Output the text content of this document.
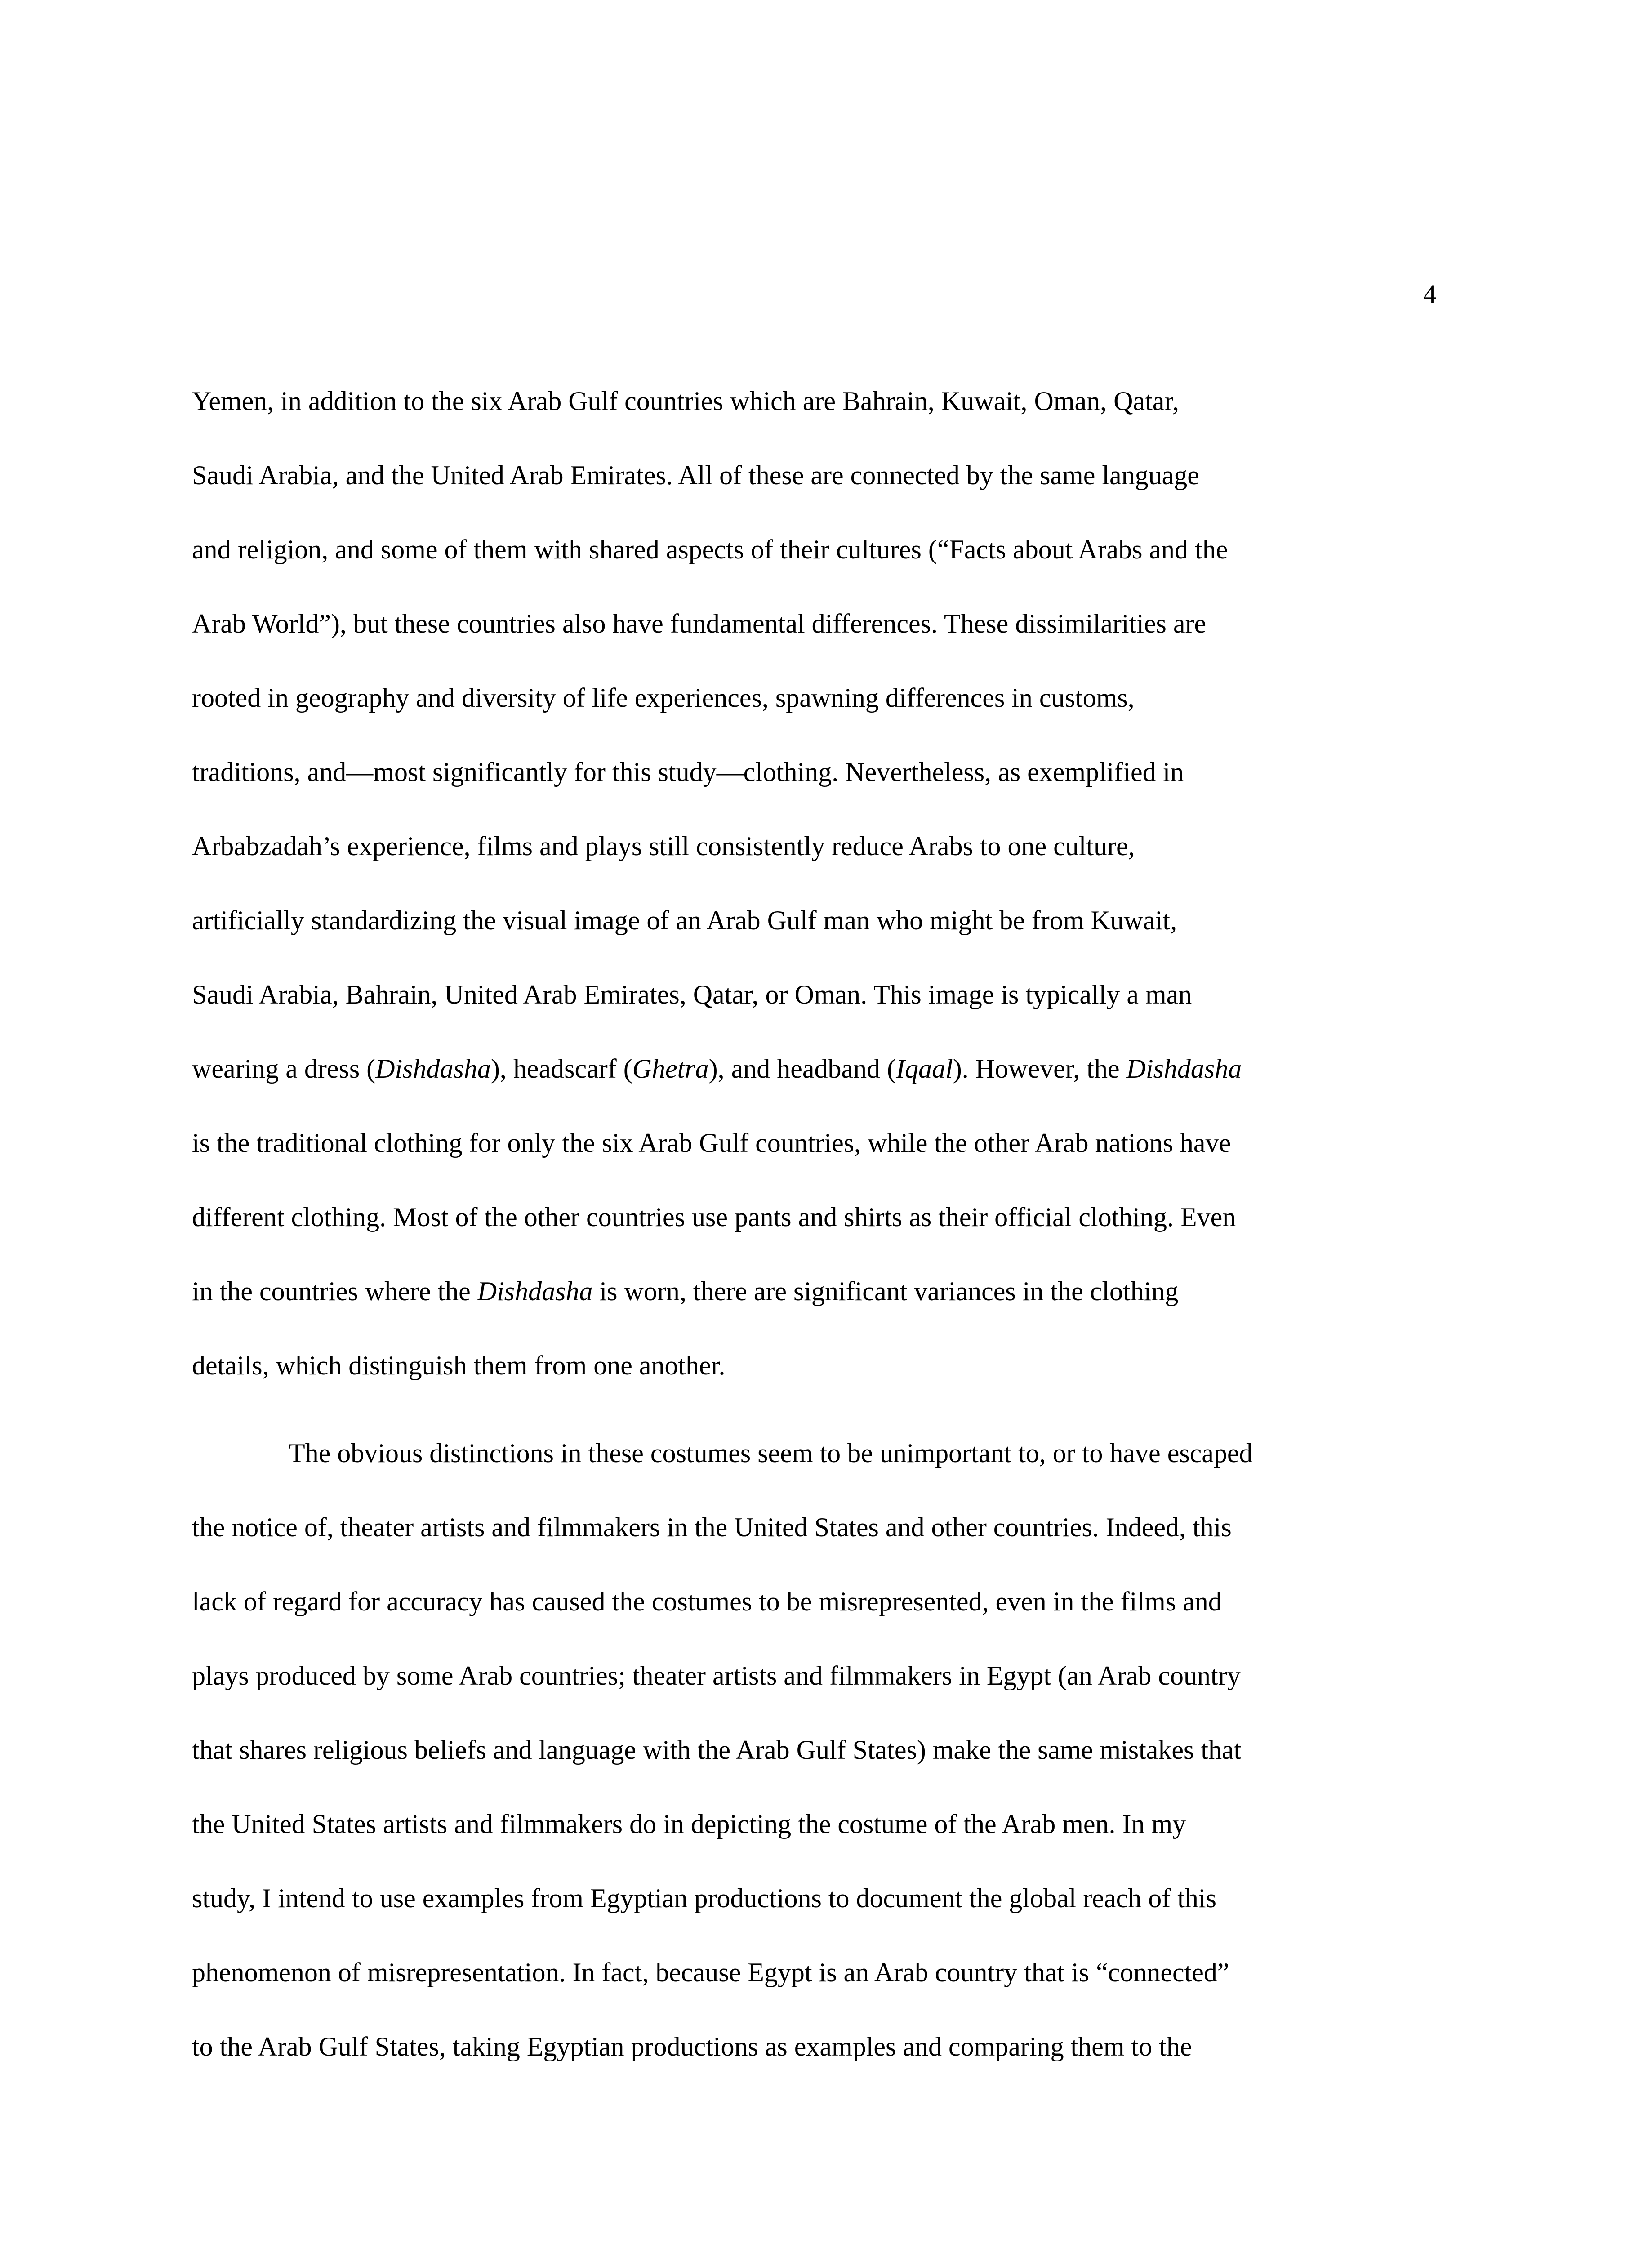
4
Yemen, in addition to the six Arab Gulf countries which are Bahrain, Kuwait, Oman, Qatar,
Saudi Arabia, and the United Arab Emirates. All of these are connected by the same language
and religion, and some of them with shared aspects of their cultures (“Facts about Arabs and the
Arab World”), but these countries also have fundamental differences. These dissimilarities are
rooted in geography and diversity of life experiences, spawning differences in customs,
traditions, and—most significantly for this study—clothing. Nevertheless, as exemplified in
Arbabzadah’s experience, films and plays still consistently reduce Arabs to one culture,
artificially standardizing the visual image of an Arab Gulf man who might be from Kuwait,
Saudi Arabia, Bahrain, United Arab Emirates, Qatar, or Oman. This image is typically a man
wearing a dress (Dishdasha), headscarf (Ghetra), and headband (Iqaal). However, the Dishdasha
is the traditional clothing for only the six Arab Gulf countries, while the other Arab nations have
different clothing. Most of the other countries use pants and shirts as their official clothing. Even
in the countries where the Dishdasha is worn, there are significant variances in the clothing
details, which distinguish them from one another.
The obvious distinctions in these costumes seem to be unimportant to, or to have escaped
the notice of, theater artists and filmmakers in the United States and other countries. Indeed, this
lack of regard for accuracy has caused the costumes to be misrepresented, even in the films and
plays produced by some Arab countries; theater artists and filmmakers in Egypt (an Arab country
that shares religious beliefs and language with the Arab Gulf States) make the same mistakes that
the United States artists and filmmakers do in depicting the costume of the Arab men. In my
study, I intend to use examples from Egyptian productions to document the global reach of this
phenomenon of misrepresentation. In fact, because Egypt is an Arab country that is “connected”
to the Arab Gulf States, taking Egyptian productions as examples and comparing them to the
